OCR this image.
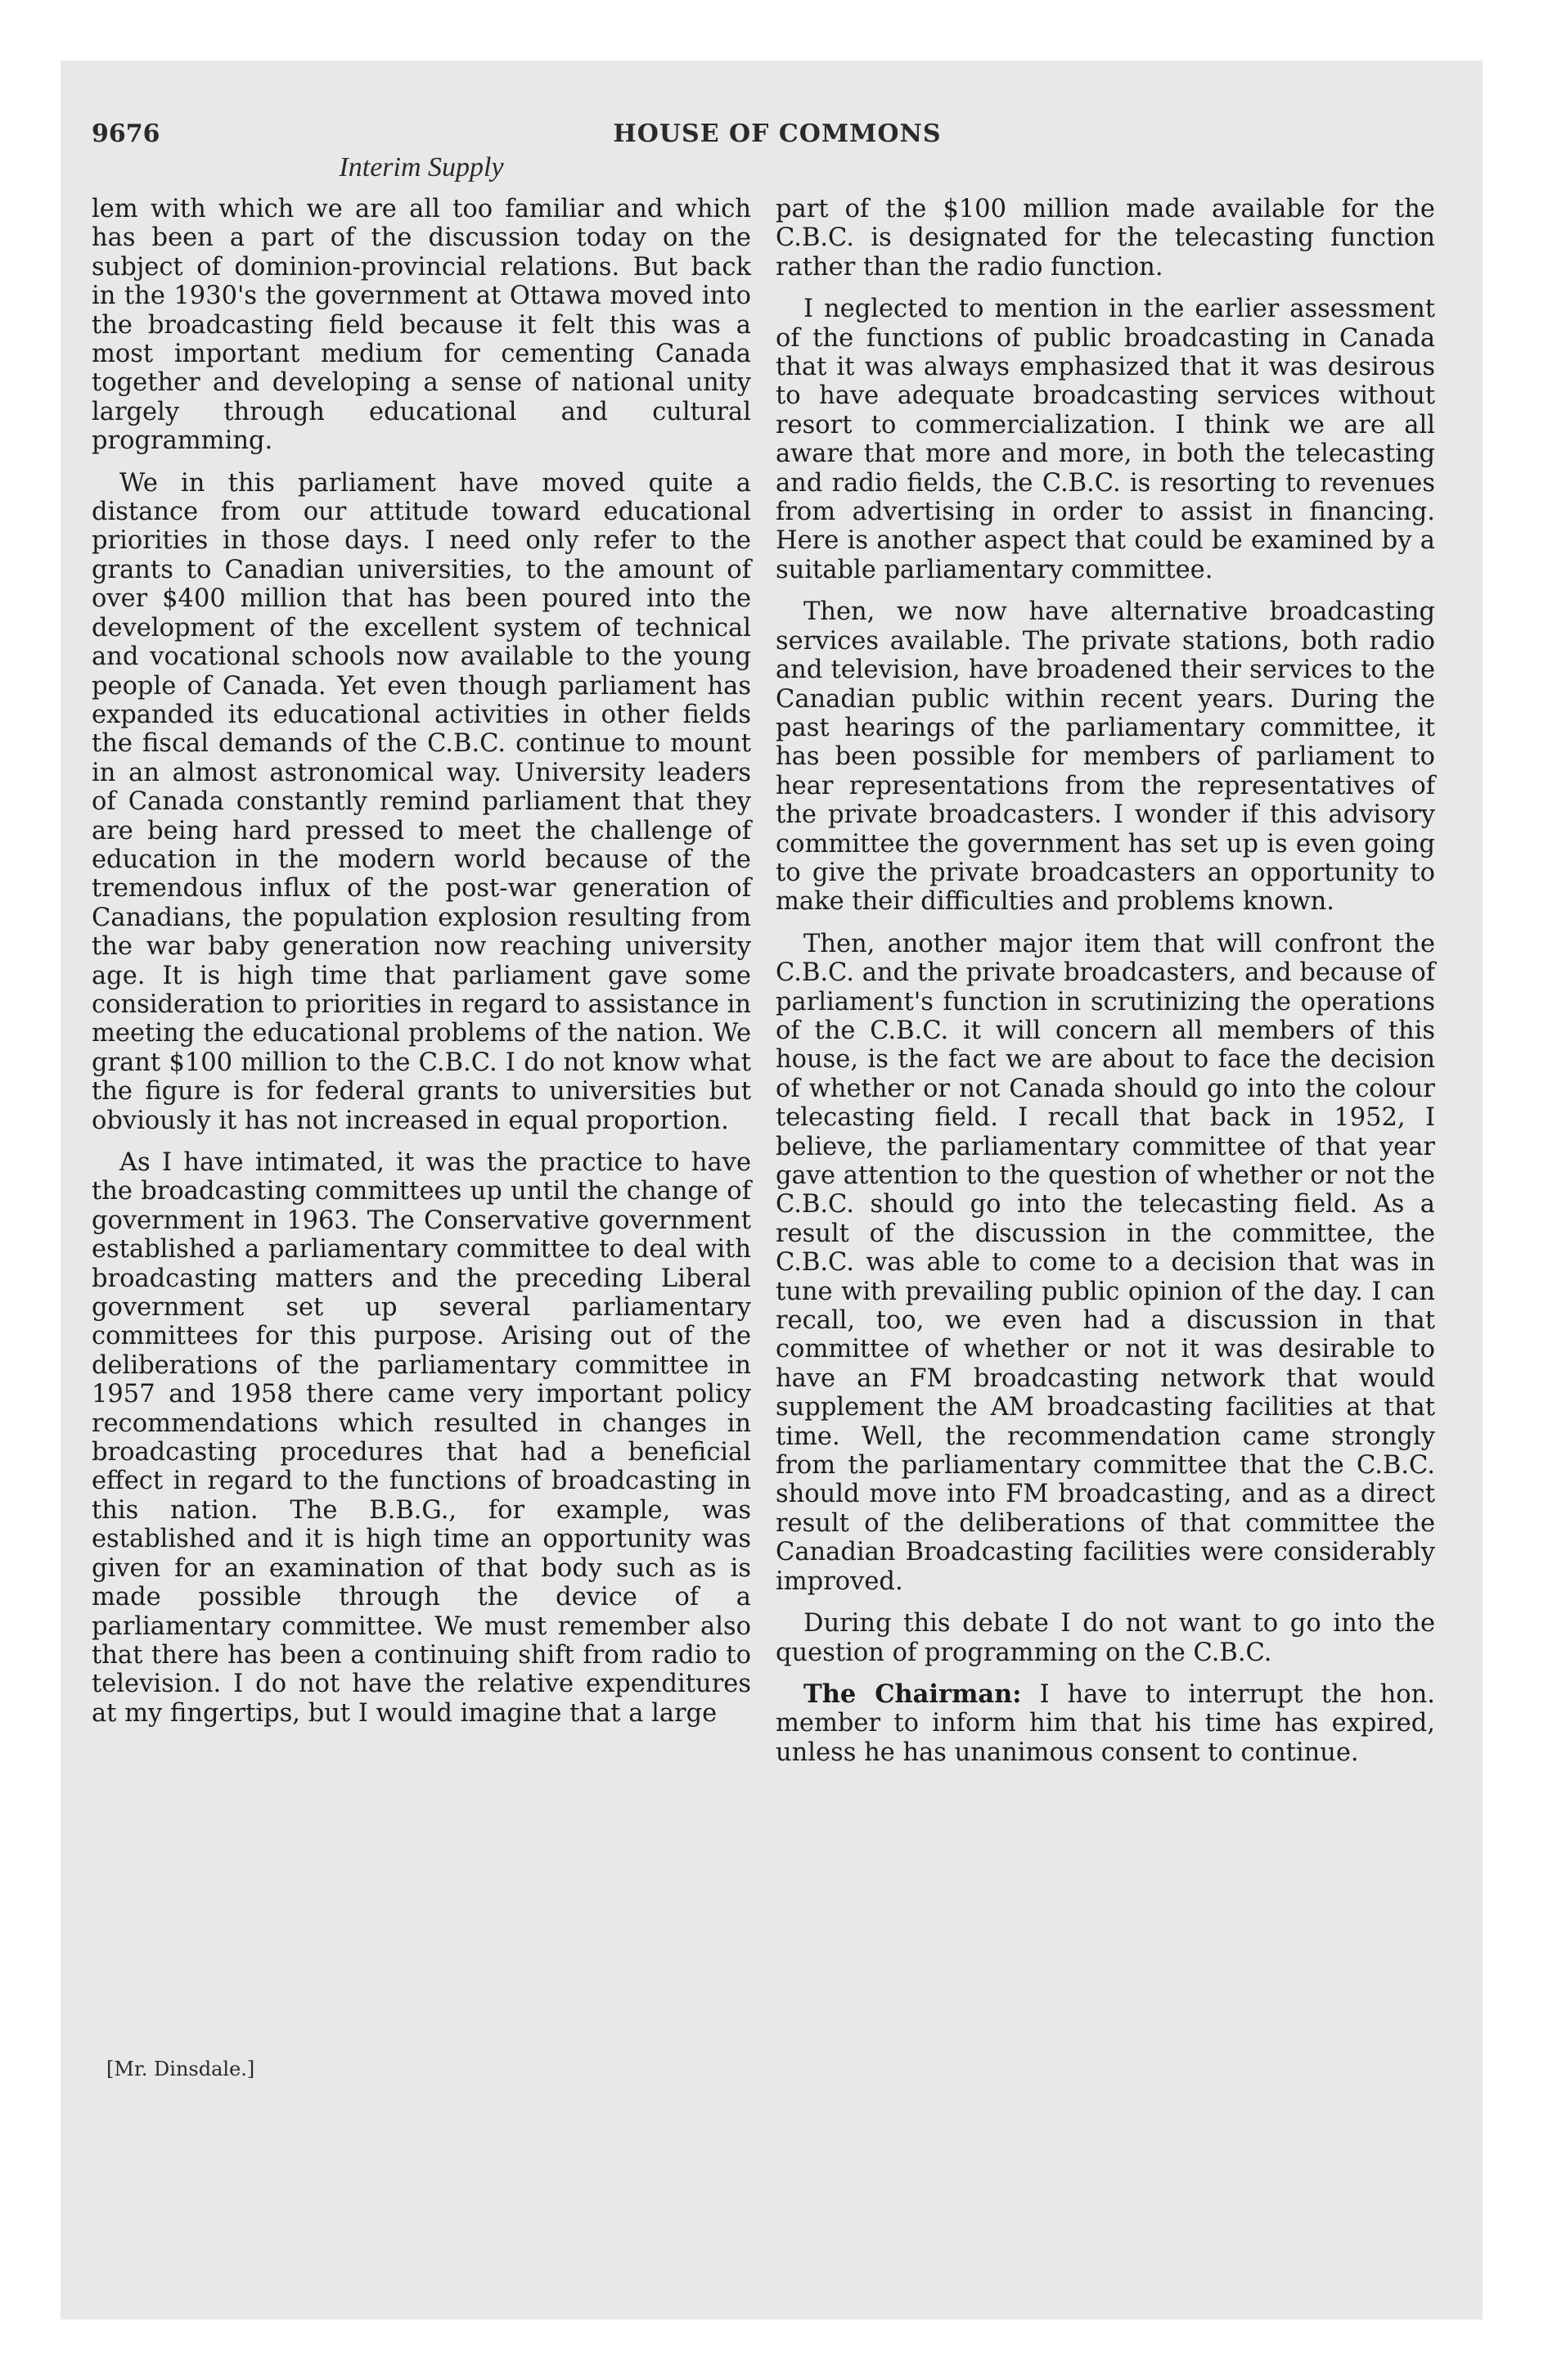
9676	HOUSE OF COMMONS
Interim Supply

lem with which we are all too familiar and which has been a part of the discussion today on the subject of dominion-provincial relations. But back in the 1930's the government at Ottawa moved into the broadcasting field because it felt this was a most important medium for cementing Canada together and developing a sense of national unity largely through educational and cultural programming.

We in this parliament have moved quite a distance from our attitude toward educational priorities in those days. I need only refer to the grants to Canadian universities, to the amount of over $400 million that has been poured into the development of the excellent system of technical and vocational schools now available to the young people of Canada. Yet even though parliament has expanded its educational activities in other fields the fiscal demands of the C.B.C. continue to mount in an almost astronomical way. University leaders of Canada constantly remind parliament that they are being hard pressed to meet the challenge of education in the modern world because of the tremendous influx of the post-war generation of Canadians, the population explosion resulting from the war baby generation now reaching university age. It is high time that parliament gave some consideration to priorities in regard to assistance in meeting the educational problems of the nation. We grant $100 million to the C.B.C. I do not know what the figure is for federal grants to universities but obviously it has not increased in equal proportion.

As I have intimated, it was the practice to have the broadcasting committees up until the change of government in 1963. The Conservative government established a parliamentary committee to deal with broadcasting matters and the preceding Liberal government set up several parliamentary committees for this purpose. Arising out of the deliberations of the parliamentary committee in 1957 and 1958 there came very important policy recommendations which resulted in changes in broadcasting procedures that had a beneficial effect in regard to the functions of broadcasting in this nation. The B.B.G., for example, was established and it is high time an opportunity was given for an examination of that body such as is made possible through the device of a parliamentary committee. We must remember also that there has been a continuing shift from radio to television. I do not have the relative expenditures at my fingertips, but I would imagine that a large

[Mr. Dinsdale.]

part of the $100 million made available for the C.B.C. is designated for the telecasting function rather than the radio function.

I neglected to mention in the earlier assessment of the functions of public broadcasting in Canada that it was always emphasized that it was desirous to have adequate broadcasting services without resort to commercialization. I think we are all aware that more and more, in both the telecasting and radio fields, the C.B.C. is resorting to revenues from advertising in order to assist in financing. Here is another aspect that could be examined by a suitable parliamentary committee.

Then, we now have alternative broadcasting services available. The private stations, both radio and television, have broadened their services to the Canadian public within recent years. During the past hearings of the parliamentary committee, it has been possible for members of parliament to hear representations from the representatives of the private broadcasters. I wonder if this advisory committee the government has set up is even going to give the private broadcasters an opportunity to make their difficulties and problems known.

Then, another major item that will confront the C.B.C. and the private broadcasters, and because of parliament's function in scrutinizing the operations of the C.B.C. it will concern all members of this house, is the fact we are about to face the decision of whether or not Canada should go into the colour telecasting field. I recall that back in 1952, I believe, the parliamentary committee of that year gave attention to the question of whether or not the C.B.C. should go into the telecasting field. As a result of the discussion in the committee, the C.B.C. was able to come to a decision that was in tune with prevailing public opinion of the day. I can recall, too, we even had a discussion in that committee of whether or not it was desirable to have an FM broadcasting network that would supplement the AM broadcasting facilities at that time. Well, the recommendation came strongly from the parliamentary committee that the C.B.C. should move into FM broadcasting, and as a direct result of the deliberations of that committee the Canadian Broadcasting facilities were considerably improved.

During this debate I do not want to go into the question of programming on the C.B.C.

The Chairman: I have to interrupt the hon. member to inform him that his time has expired, unless he has unanimous consent to continue.
